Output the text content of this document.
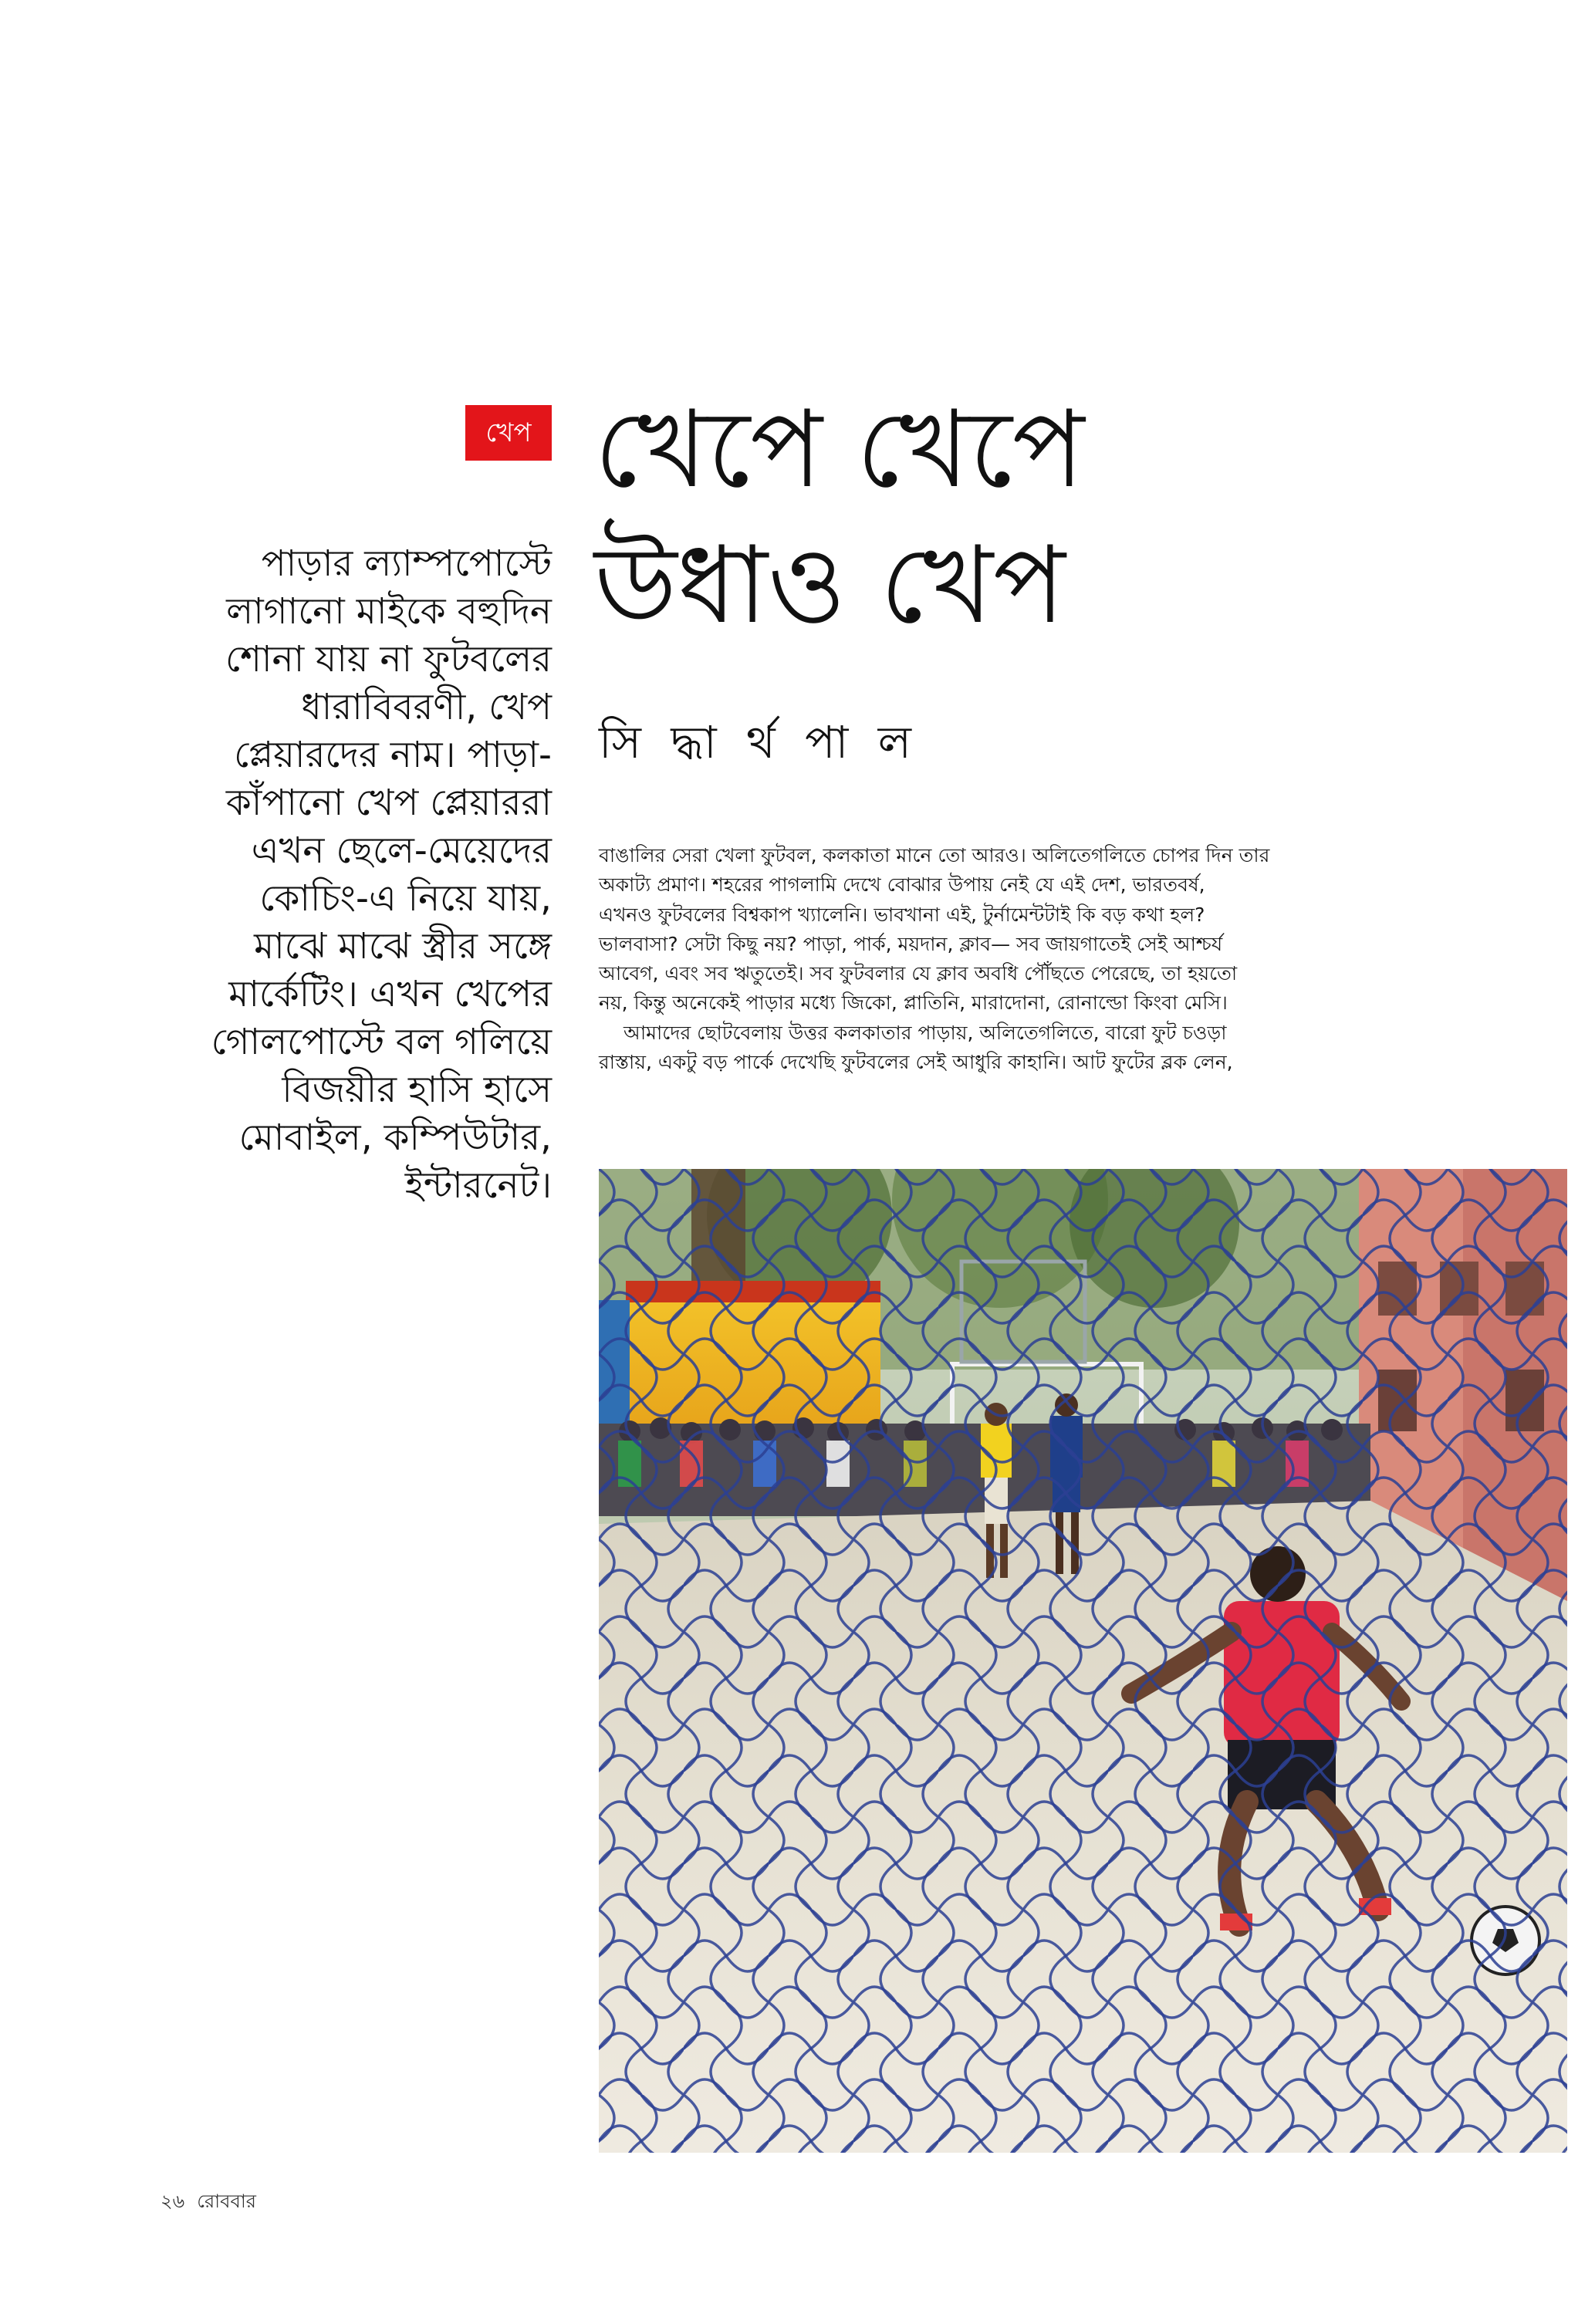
খেপ খেপে খেপে
উধাও খেপ
সি দ্ধা র্থ পা ল
পাড়ার ল্যাম্পপোস্টে
লাগানো মাইকে বহুদিন
শোনা যায় না ফুটবলের
ধারাবিবরণী, খেপ
প্লেয়ারদের নাম। পাড়া-
কাঁপানো খেপ প্লেয়াররা
এখন ছেলে-মেয়েদের
কোচিং-এ নিয়ে যায়,
মাঝে মাঝে স্ত্রীর সঙ্গে
মার্কেটিং। এখন খেপের
গোলপোস্টে বল গলিয়ে
বিজয়ীর হাসি হাসে
মোবাইল, কম্পিউটার,
ইন্টারনেট।
বাঙালির সেরা খেলা ফুটবল, কলকাতা মানে তো আরও। অলিতেগলিতে চোপর দিন তার
অকাট্য প্রমাণ। শহরের পাগলামি দেখে বোঝার উপায় নেই যে এই দেশ, ভারতবর্ষ,
এখনও ফুটবলের বিশ্বকাপ খ্যালেনি। ভাবখানা এই, টুর্নামেন্টটাই কি বড় কথা হল?
ভালবাসা? সেটা কিছু নয়? পাড়া, পার্ক, ময়দান, ক্লাব— সব জায়গাতেই সেই আশ্চর্য
আবেগ, এবং সব ঋতুতেই। সব ফুটবলার যে ক্লাব অবধি পৌঁছতে পেরেছে, তা হয়তো
নয়, কিন্তু অনেকেই পাড়ার মধ্যে জিকো, প্লাতিনি, মারাদোনা, রোনাল্ডো কিংবা মেসি।
আমাদের ছোটবেলায় উত্তর কলকাতার পাড়ায়, অলিতেগলিতে, বারো ফুট চওড়া
রাস্তায়, একটু বড় পার্কে দেখেছি ফুটবলের সেই আধুরি কাহানি। আট ফুটের ব্লক লেন,
২৬ রোববার
